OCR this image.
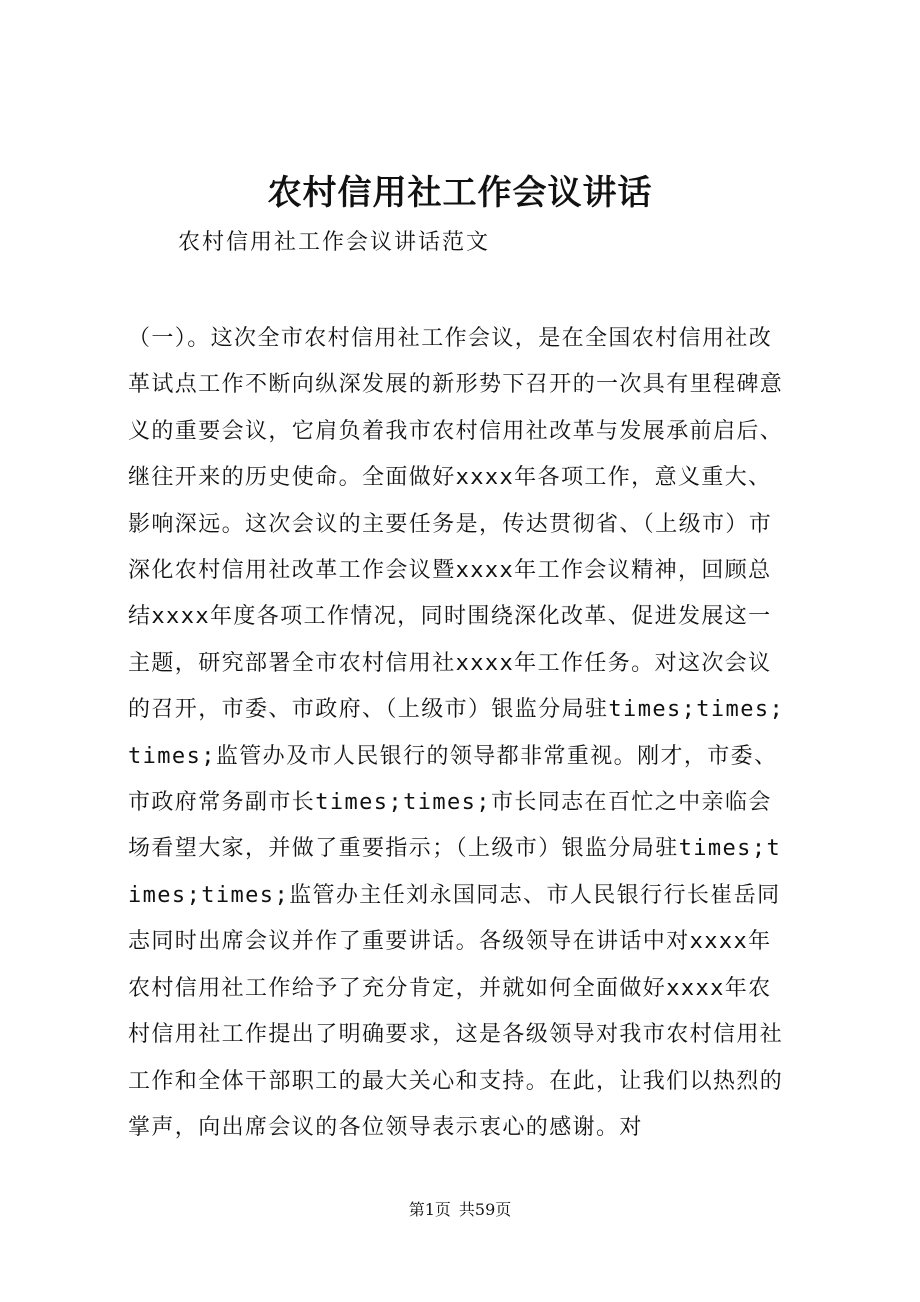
农村信用社工作会议讲话

农村信用社工作会议讲话范文

（一）。这次全市农村信用社工作会议，是在全国农村信用社改革试点工作不断向纵深发展的新形势下召开的一次具有里程碑意义的重要会议，它肩负着我市农村信用社改革与发展承前启后、继往开来的历史使命。全面做好xxxx年各项工作，意义重大、影响深远。这次会议的主要任务是，传达贯彻省、（上级市）市深化农村信用社改革工作会议暨xxxx年工作会议精神，回顾总结xxxx年度各项工作情况，同时围绕深化改革、促进发展这一主题，研究部署全市农村信用社xxxx年工作任务。对这次会议的召开，市委、市政府、（上级市）银监分局驻times;times;times;监管办及市人民银行的领导都非常重视。刚才，市委、市政府常务副市长times;times;市长同志在百忙之中亲临会场看望大家，并做了重要指示；（上级市）银监分局驻times;times;times;监管办主任刘永国同志、市人民银行行长崔岳同志同时出席会议并作了重要讲话。各级领导在讲话中对xxxx年农村信用社工作给予了充分肯定，并就如何全面做好xxxx年农村信用社工作提出了明确要求，这是各级领导对我市农村信用社工作和全体干部职工的最大关心和支持。在此，让我们以热烈的掌声，向出席会议的各位领导表示衷心的感谢。对

第1页 共59页
